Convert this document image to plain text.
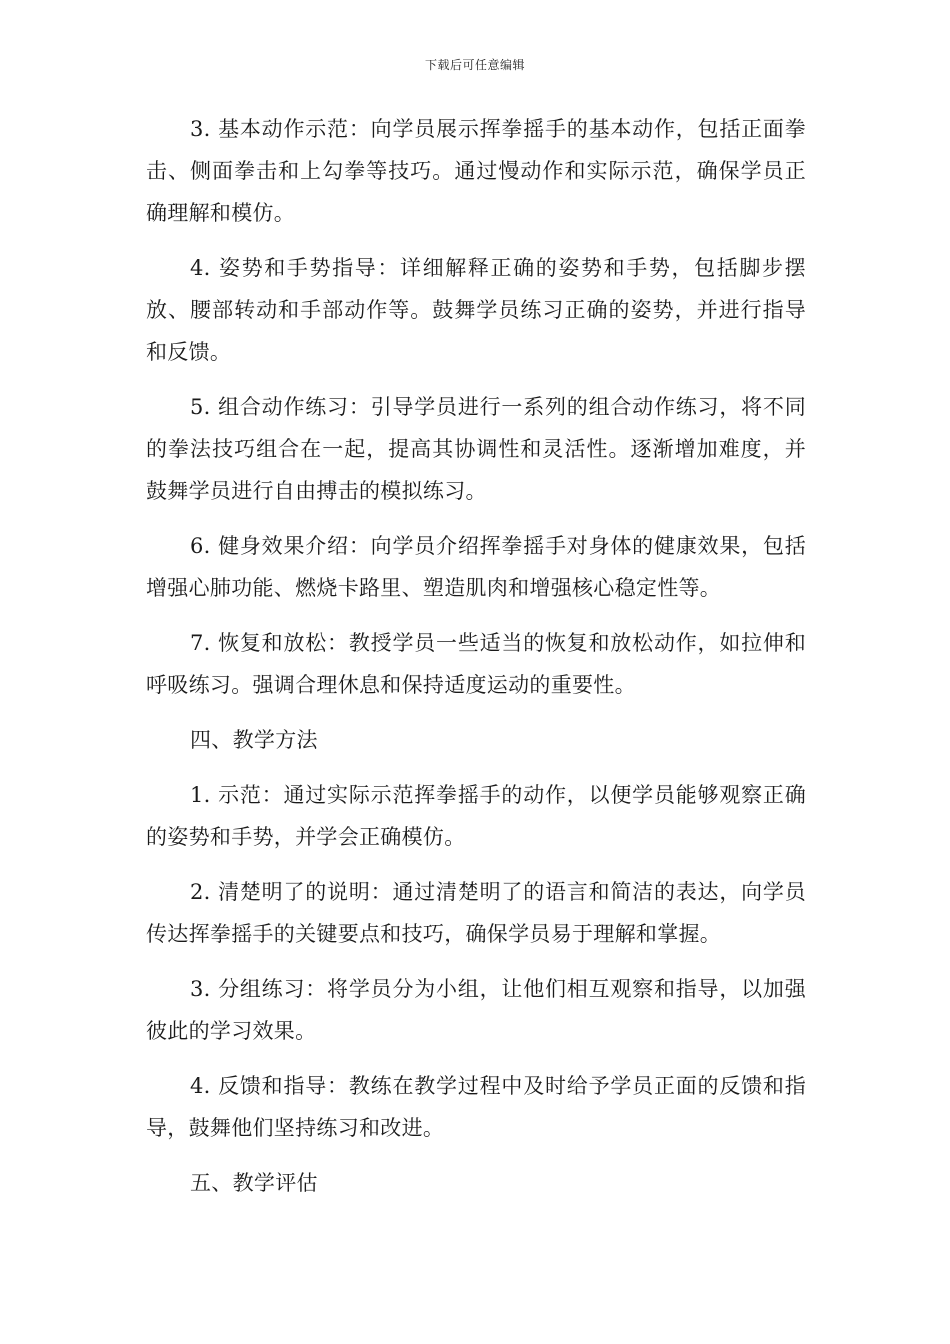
下载后可任意编辑

3. 基本动作示范：向学员展示挥拳摇手的基本动作，包括正面拳击、侧面拳击和上勾拳等技巧。通过慢动作和实际示范，确保学员正确理解和模仿。

4. 姿势和手势指导：详细解释正确的姿势和手势，包括脚步摆放、腰部转动和手部动作等。鼓舞学员练习正确的姿势，并进行指导和反馈。

5. 组合动作练习：引导学员进行一系列的组合动作练习，将不同的拳法技巧组合在一起，提高其协调性和灵活性。逐渐增加难度，并鼓舞学员进行自由搏击的模拟练习。

6. 健身效果介绍：向学员介绍挥拳摇手对身体的健康效果，包括增强心肺功能、燃烧卡路里、塑造肌肉和增强核心稳定性等。

7. 恢复和放松：教授学员一些适当的恢复和放松动作，如拉伸和呼吸练习。强调合理休息和保持适度运动的重要性。

四、教学方法

1. 示范：通过实际示范挥拳摇手的动作，以便学员能够观察正确的姿势和手势，并学会正确模仿。

2. 清楚明了的说明：通过清楚明了的语言和简洁的表达，向学员传达挥拳摇手的关键要点和技巧，确保学员易于理解和掌握。

3. 分组练习：将学员分为小组，让他们相互观察和指导，以加强彼此的学习效果。

4. 反馈和指导：教练在教学过程中及时给予学员正面的反馈和指导，鼓舞他们坚持练习和改进。

五、教学评估
